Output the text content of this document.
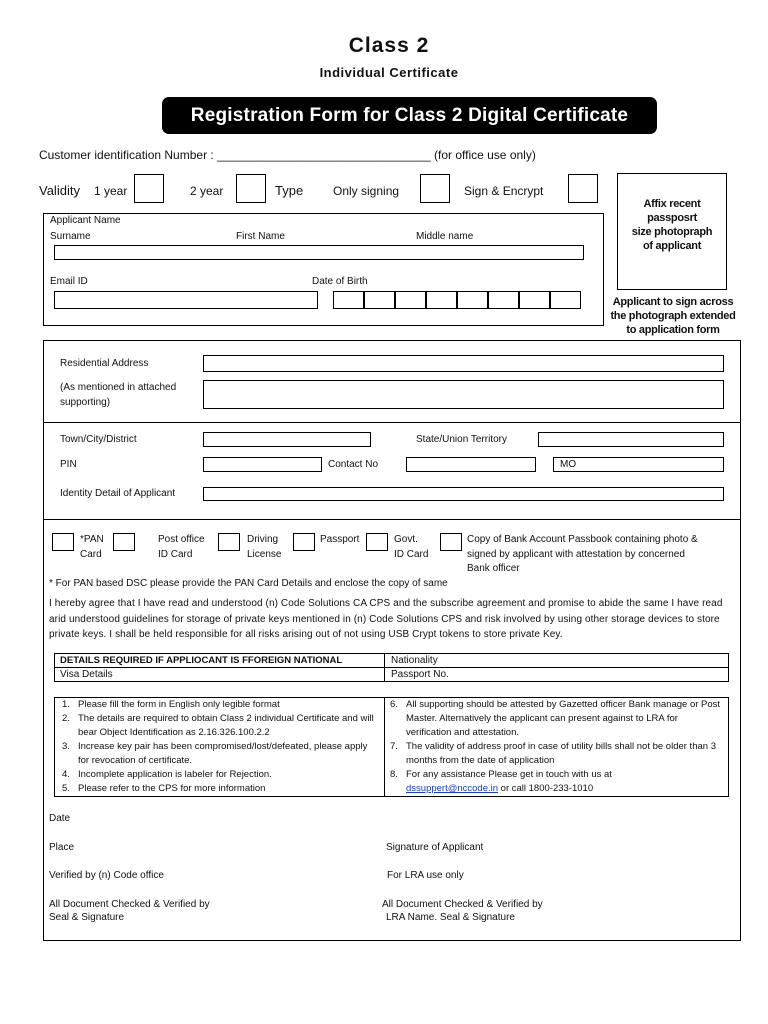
Class 2
Individual Certificate
Registration Form for Class 2 Digital Certificate
Customer identification Number : ________________________________ (for office use only)
Validity 1 year	2 year	Type Only signing	Sign & Encrypt
Affix recent
passposrt
size photopraph
of applicant
Applicant to sign across
the photograph extended
to application form
Applicant Name
Surname	First Name	Middle name
Email ID	Date of Birth
Residential Address
(As mentioned in attached
supporting)
Town/City/District	State/Union Territory
PIN	Contact No	MO
Identity Detail of Applicant
*PAN
Card
Post office
ID Card
Driving
License
Passport	Govt.
ID Card
Copy of Bank Account Passbook containing photo &
signed by applicant with attestation by concerned
Bank officer
* For PAN based DSC please provide the PAN Card Details and enclose the copy of same
I hereby agree that I have read and understood (n) Code Solutions CA CPS and the subscribe agreement and promise to abide the same I have read
arid understood guidelines for storage of private keys mentioned in (n) Code Solutions CPS and risk involved by using other storage devices to store
private keys. I shall be held responsible for all risks arising out of not using USB Crypt tokens to store private Key.
DETAILS REQUIRED IF APPLIOCANT IS FFOREIGN NATIONAL	Nationality
Visa Details	Passport No.
1. Please fill the form in English only legible format
2. The details are required to obtain Class 2 individual Certificate and will bear Object Identification as 2.16.326.100.2.2
3. Increase key pair has been compromised/lost/defeated, please apply for revocation of certificate.
4. Incomplete application is labeler for Rejection.
5. Please refer to the CPS for more information
6. All supporting should be attested by Gazetted officer Bank manage or Post Master. Alternatively the applicant can present against to LRA for verification and attestation.
7. The validity of address proof in case of utility bills shall not be older than 3 months from the date of application
8. For any assistance Please get in touch with us at
dssuppert@nccode.in or call 1800-233-1010
Date
Place	Signature of Applicant
Verified by (n) Code office	For LRA use only
All Document Checked & Verified by
Seal & Signature
All Document Checked & Verified by
LRA Name. Seal & Signature
